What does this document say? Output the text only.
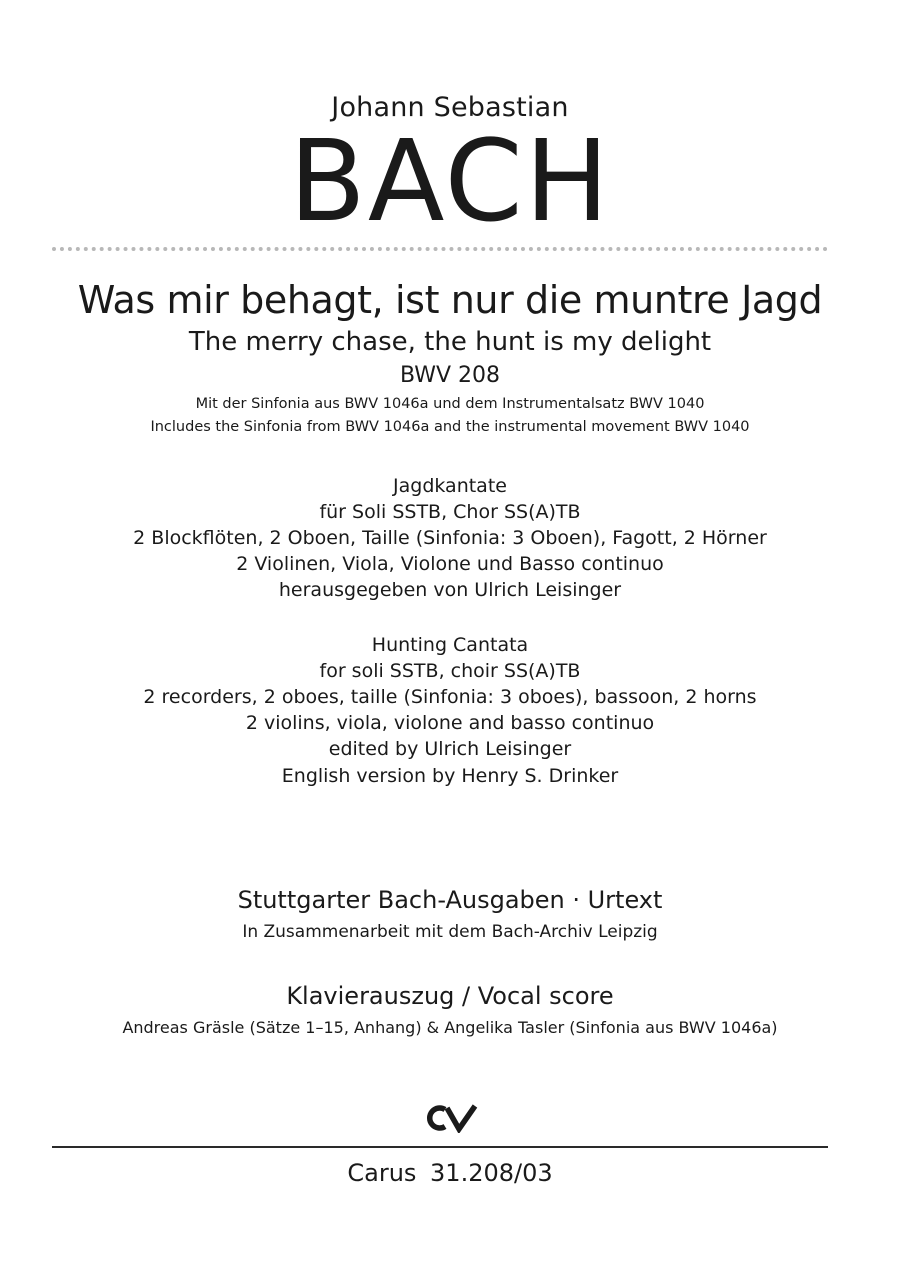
Johann Sebastian
BACH
Was mir behagt, ist nur die muntre Jagd
The merry chase, the hunt is my delight
BWV 208
Mit der Sinfonia aus BWV 1046a und dem Instrumentalsatz BWV 1040
Includes the Sinfonia from BWV 1046a and the instrumental movement BWV 1040
Jagdkantate
für Soli SSTB, Chor SS(A)TB
2 Blockflöten, 2 Oboen, Taille (Sinfonia: 3 Oboen), Fagott, 2 Hörner
2 Violinen, Viola, Violone und Basso continuo
herausgegeben von Ulrich Leisinger
Hunting Cantata
for soli SSTB, choir SS(A)TB
2 recorders, 2 oboes, taille (Sinfonia: 3 oboes), bassoon, 2 horns
2 violins, viola, violone and basso continuo
edited by Ulrich Leisinger
English version by Henry S. Drinker
Stuttgarter Bach-Ausgaben · Urtext
In Zusammenarbeit mit dem Bach-Archiv Leipzig
Klavierauszug / Vocal score
Andreas Gräsle (Sätze 1–15, Anhang) & Angelika Tasler (Sinfonia aus BWV 1046a)
Carus 31.208/03
